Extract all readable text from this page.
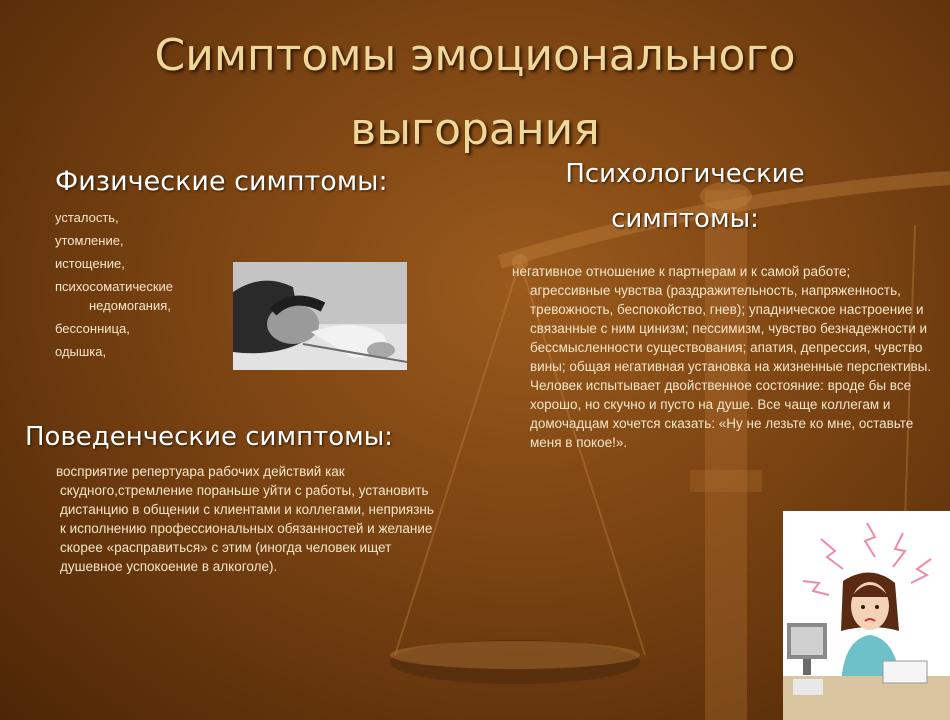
Симптомы эмоционального
выгорания
Физические симптомы:
усталость,
утомление,
истощение,
психосоматические
недомогания,
бессонница,
одышка,
Психологические
симптомы:
негативное отношение к партнерам и к самой работе;
агрессивные чувства (раздражительность, напряженность, тревожность, беспокойство, гнев); упадническое настроение и связанные с ним цинизм; пессимизм, чувство безнадежности и бессмысленности существования; апатия, депрессия, чувство вины; общая негативная установка на жизненные перспективы. Человек испытывает двойственное состояние: вроде бы все хорошо, но скучно и пусто на душе. Все чаще коллегам и домочадцам хочется сказать: «Ну не лезьте ко мне, оставьте меня в покое!».
Поведенческие симптомы:
восприятие репертуара рабочих действий как
скудного,стремление пораньше уйти с работы, установить дистанцию в общении с клиентами и коллегами, неприязнь к исполнению профессиональных обязанностей и желание скорее «расправиться» с этим (иногда человек ищет душевное успокоение в алкоголе).
